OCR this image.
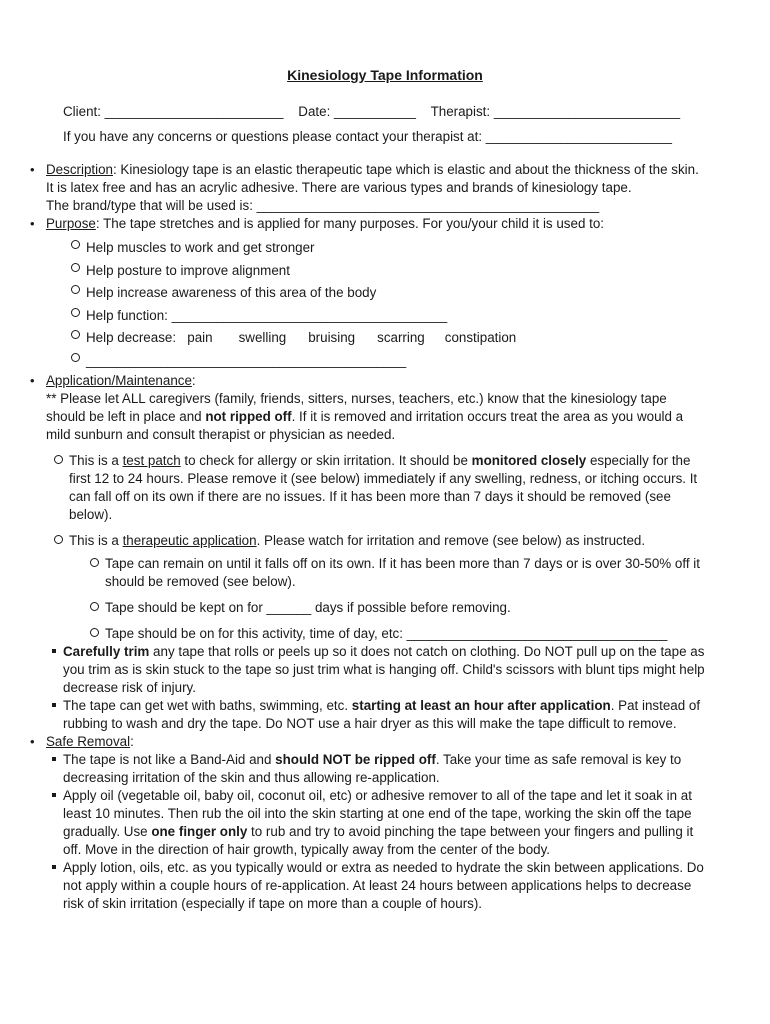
Kinesiology Tape Information
Client: ________________________    Date: ___________    Therapist: _________________________
If you have any concerns or questions please contact your therapist at: _________________________
• Description: Kinesiology tape is an elastic therapeutic tape which is elastic and about the thickness of the skin. It is latex free and has an acrylic adhesive. There are various types and brands of kinesiology tape.
The brand/type that will be used is: ______________________________________________
• Purpose: The tape stretches and is applied for many purposes. For you/your child it is used to:
Help muscles to work and get stronger
Help posture to improve alignment
Help increase awareness of this area of the body
Help function: _____________________________________
Help decrease: pain swelling bruising scarring constipation
___________________________________________
• Application/Maintenance:
** Please let ALL caregivers (family, friends, sitters, nurses, teachers, etc.) know that the kinesiology tape should be left in place and not ripped off. If it is removed and irritation occurs treat the area as you would a mild sunburn and consult therapist or physician as needed.
This is a test patch to check for allergy or skin irritation. It should be monitored closely especially for the first 12 to 24 hours. Please remove it (see below) immediately if any swelling, redness, or itching occurs. It can fall off on its own if there are no issues. If it has been more than 7 days it should be removed (see below).
This is a therapeutic application. Please watch for irritation and remove (see below) as instructed.
Tape can remain on until it falls off on its own. If it has been more than 7 days or is over 30-50% off it should be removed (see below).
Tape should be kept on for ______ days if possible before removing.
Tape should be on for this activity, time of day, etc: ___________________________________
Carefully trim any tape that rolls or peels up so it does not catch on clothing. Do NOT pull up on the tape as you trim as is skin stuck to the tape so just trim what is hanging off. Child's scissors with blunt tips might help decrease risk of injury.
The tape can get wet with baths, swimming, etc. starting at least an hour after application. Pat instead of rubbing to wash and dry the tape. Do NOT use a hair dryer as this will make the tape difficult to remove.
• Safe Removal:
The tape is not like a Band-Aid and should NOT be ripped off. Take your time as safe removal is key to decreasing irritation of the skin and thus allowing re-application.
Apply oil (vegetable oil, baby oil, coconut oil, etc) or adhesive remover to all of the tape and let it soak in at least 10 minutes. Then rub the oil into the skin starting at one end of the tape, working the skin off the tape gradually. Use one finger only to rub and try to avoid pinching the tape between your fingers and pulling it off. Move in the direction of hair growth, typically away from the center of the body.
Apply lotion, oils, etc. as you typically would or extra as needed to hydrate the skin between applications. Do not apply within a couple hours of re-application. At least 24 hours between applications helps to decrease risk of skin irritation (especially if tape on more than a couple of hours).
